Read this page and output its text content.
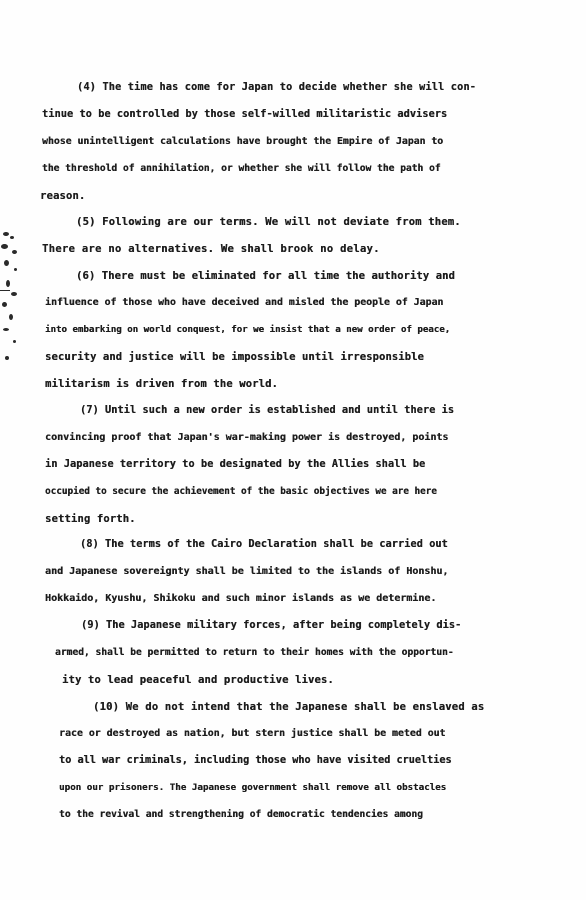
(4) The time has come for Japan to decide whether she will con-
tinue to be controlled by those self-willed militaristic advisers
whose unintelligent calculations have brought the Empire of Japan to
the threshold of annihilation, or whether she will follow the path of
reason.
(5) Following are our terms. We will not deviate from them.
There are no alternatives. We shall brook no delay.
(6) There must be eliminated for all time the authority and
influence of those who have deceived and misled the people of Japan
into embarking on world conquest, for we insist that a new order of peace,
security and justice will be impossible until irresponsible
militarism is driven from the world.
(7) Until such a new order is established and until there is
convincing proof that Japan's war-making power is destroyed, points
in Japanese territory to be designated by the Allies shall be
occupied to secure the achievement of the basic objectives we are here
setting forth.
(8) The terms of the Cairo Declaration shall be carried out
and Japanese sovereignty shall be limited to the islands of Honshu,
Hokkaido, Kyushu, Shikoku and such minor islands as we determine.
(9) The Japanese military forces, after being completely dis-
armed, shall be permitted to return to their homes with the opportun-
ity to lead peaceful and productive lives.
(10) We do not intend that the Japanese shall be enslaved as
race or destroyed as nation, but stern justice shall be meted out
to all war criminals, including those who have visited cruelties
upon our prisoners. The Japanese government shall remove all obstacles
to the revival and strengthening of democratic tendencies among
